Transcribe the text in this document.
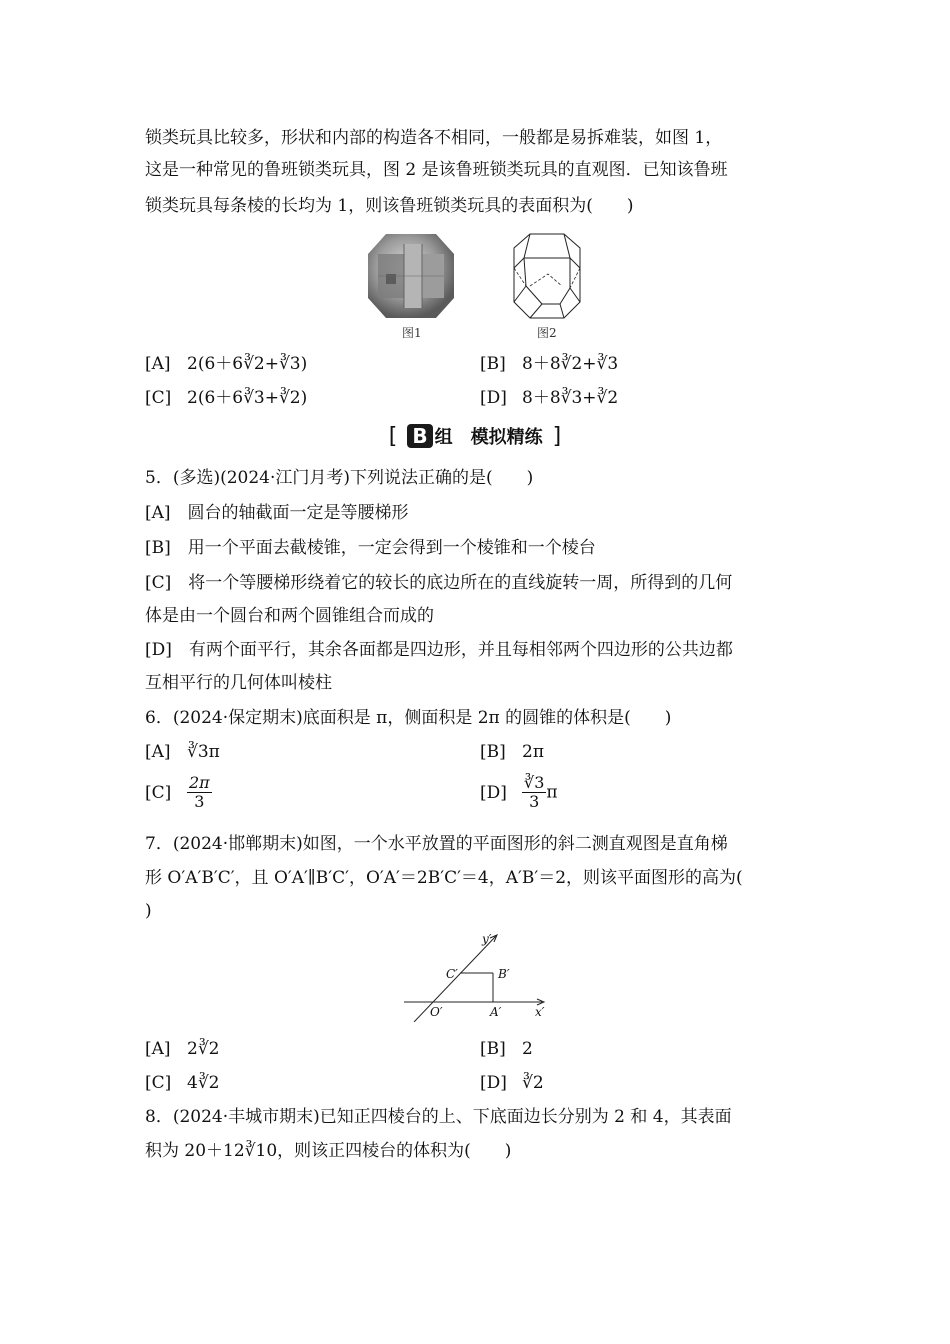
锁类玩具比较多，形状和内部的构造各不相同，一般都是易拆难装，如图 1，
这是一种常见的鲁班锁类玩具，图 2 是该鲁班锁类玩具的直观图．已知该鲁班
锁类玩具每条棱的长均为 1，则该鲁班锁类玩具的表面积为(　　)
图1	图2
[A] 2(6＋6∛2+∛3)	[B] 8＋8∛2+∛3
[C] 2(6＋6∛3+∛2)	[D] 8＋8∛3+∛2
[ B 组　模拟精练 ]
5．(多选)(2024·江门月考)下列说法正确的是(　　)
[A]　圆台的轴截面一定是等腰梯形
[B]　用一个平面去截棱锥，一定会得到一个棱锥和一个棱台
[C]　将一个等腰梯形绕着它的较长的底边所在的直线旋转一周，所得到的几何
体是由一个圆台和两个圆锥组合而成的
[D]　有两个面平行，其余各面都是四边形，并且每相邻两个四边形的公共边都
互相平行的几何体叫棱柱
6．(2024·保定期末)底面积是 π，侧面积是 2π 的圆锥的体积是(　　)
[A] ∛3π	[B] 2π
$[C] \frac{2\pi}{3}$	$[D] \frac{∛3}{3}$ π
7．(2024·邯郸期末)如图，一个水平放置的平面图形的斜二测直观图是直角梯
形 O′A′B′C′，且 O′A′∥B′C′，O′A′＝2B′C′＝4，A′B′＝2，则该平面图形的高为(
)
y′
x′
O′	A′
B′
C′
[A] 2∛2	[B] 2
[C] 4∛2	[D] ∛2
8．(2024·丰城市期末)已知正四棱台的上、下底面边长分别为 2 和 4，其表面
积为 20＋12∛10，则该正四棱台的体积为(　　)
